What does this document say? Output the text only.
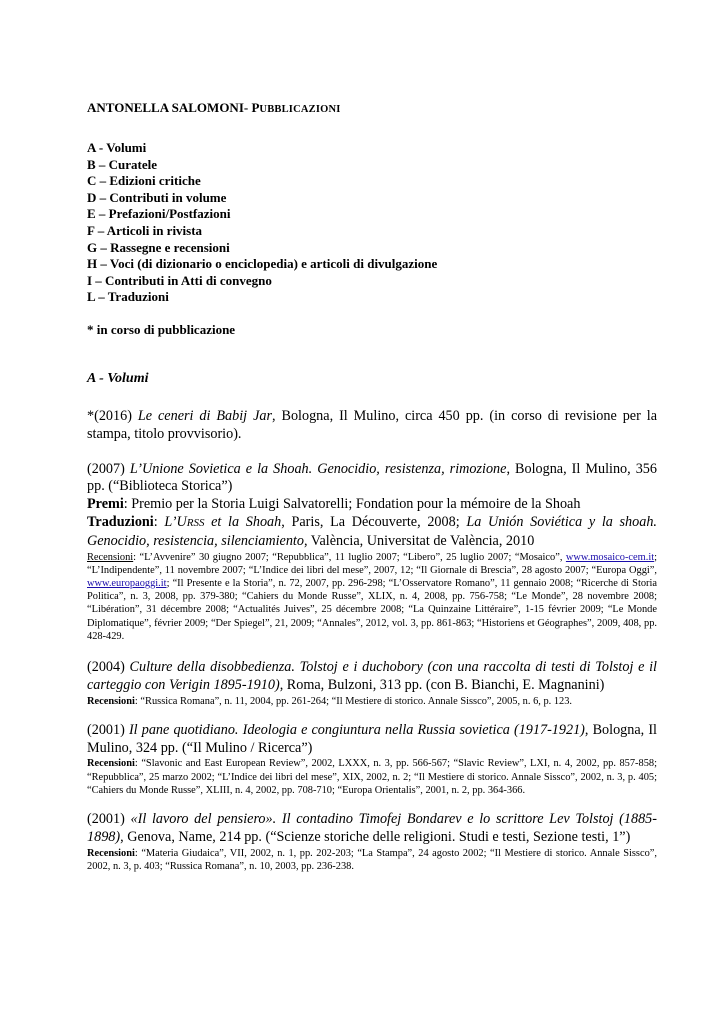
ANTONELLA SALOMONI- PUBBLICAZIONI

A - Volumi
B – Curatele
C – Edizioni critiche
D – Contributi in volume
E – Prefazioni/Postfazioni
F – Articoli in rivista
G – Rassegne e recensioni
H – Voci (di dizionario o enciclopedia) e articoli di divulgazione
I – Contributi in Atti di convegno
L – Traduzioni
* in corso di pubblicazione
A - Volumi
*(2016) Le ceneri di Babij Jar, Bologna, Il Mulino, circa 450 pp. (in corso di revisione per la stampa, titolo provvisorio).
(2007) L’Unione Sovietica e la Shoah. Genocidio, resistenza, rimozione, Bologna, Il Mulino, 356 pp. (“Biblioteca Storica”)
Premi: Premio per la Storia Luigi Salvatorelli; Fondation pour la mémoire de la Shoah
Traduzioni: L’URSS et la Shoah, Paris, La Découverte, 2008; La Unión Soviética y la shoah. Genocidio, resistencia, silenciamiento, València, Universitat de València, 2010
Recensioni: “L’Avvenire” 30 giugno 2007; “Repubblica”, 11 luglio 2007; “Libero”, 25 luglio 2007; “Mosaico”, www.mosaico-cem.it; “L’Indipendente”, 11 novembre 2007; “L’Indice dei libri del mese”, 2007, 12; “Il Giornale di Brescia”, 28 agosto 2007; “Europa Oggi”, www.europaoggi.it; “Il Presente e la Storia”, n. 72, 2007, pp. 296-298; “L’Osservatore Romano”, 11 gennaio 2008; “Ricerche di Storia Politica”, n. 3, 2008, pp. 379-380; “Cahiers du Monde Russe”, XLIX, n. 4, 2008, pp. 756-758; “Le Monde”, 28 novembre 2008; “Libération”, 31 décembre 2008; “Actualités Juives”, 25 décembre 2008; “La Quinzaine Littéraire”, 1-15 février 2009; “Le Monde Diplomatique”, février 2009; “Der Spiegel”, 21, 2009; “Annales”, 2012, vol. 3, pp. 861-863; “Historiens et Géographes”, 2009, 408, pp. 428-429.
(2004) Culture della disobbedienza. Tolstoj e i duchobory (con una raccolta di testi di Tolstoj e il carteggio con Verigin 1895-1910), Roma, Bulzoni, 313 pp. (con B. Bianchi, E. Magnanini)
Recensioni: “Russica Romana”, n. 11, 2004, pp. 261-264; “Il Mestiere di storico. Annale Sissco”, 2005, n. 6, p. 123.
(2001) Il pane quotidiano. Ideologia e congiuntura nella Russia sovietica (1917-1921), Bologna, Il Mulino, 324 pp. (“Il Mulino / Ricerca”)
Recensioni: “Slavonic and East European Review”, 2002, LXXX, n. 3, pp. 566-567; “Slavic Review”, LXI, n. 4, 2002, pp. 857-858; “Repubblica”, 25 marzo 2002; “L’Indice dei libri del mese”, XIX, 2002, n. 2; “Il Mestiere di storico. Annale Sissco”, 2002, n. 3, p. 405; “Cahiers du Monde Russe”, XLIII, n. 4, 2002, pp. 708-710; “Europa Orientalis”, 2001, n. 2, pp. 364-366.
(2001) «Il lavoro del pensiero». Il contadino Timofej Bondarev e lo scrittore Lev Tolstoj (1885-1898), Genova, Name, 214 pp. (“Scienze storiche delle religioni. Studi e testi, Sezione testi, 1”)
Recensioni: “Materia Giudaica”, VII, 2002, n. 1, pp. 202-203; “La Stampa”, 24 agosto 2002; “Il Mestiere di storico. Annale Sissco”, 2002, n. 3, p. 403; “Russica Romana”, n. 10, 2003, pp. 236-238.
